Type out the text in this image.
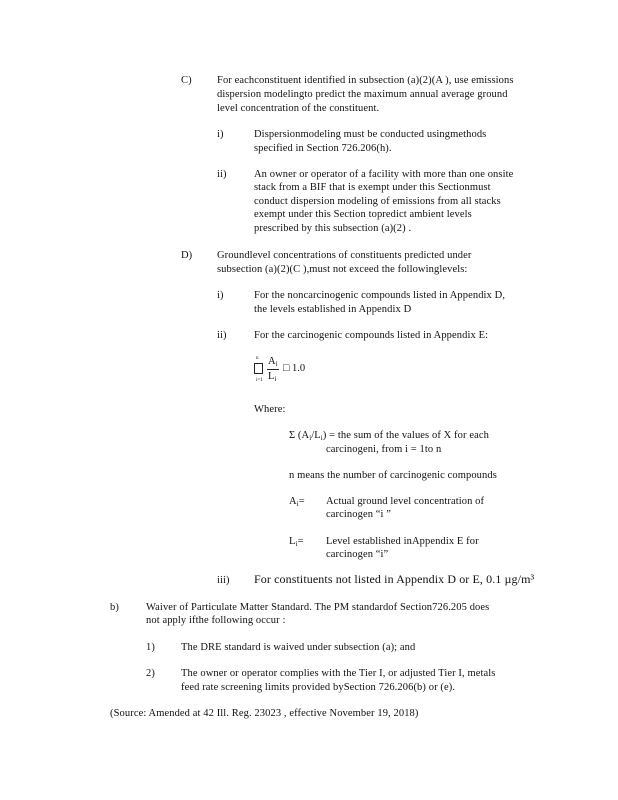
C) For eachconstituent identified in subsection (a)(2)(A ), use emissions
dispersion modelingto predict the maximum annual average ground
level concentration of the constituent.
i)	Dispersionmodeling must be conducted usingmethods
specified in Section 726.206(h).
ii)	An owner or operator of a facility with more than one onsite
stack from a BIF that is exempt under this Sectionmust
conduct dispersion modeling of emissions from all stacks
exempt under this Section topredict ambient levels
prescribed by this subsection (a)(2) .
D) Groundlevel concentrations of constituents predicted under
subsection (a)(2)(C ),must not exceed the followinglevels:
i)	For the noncarcinogenic compounds listed in Appendix D,
the levels established in Appendix D
ii)	For the carcinogenic compounds listed in Appendix E:
n
i=1
$A_i$
$L_i$
□ 1.0
Where:
Σ $(A_i/L_i)$ = the sum of the values of X for each
carcinogeni, from i = 1to n
n means the number of carcinogenic compounds
$A_i=$ Actual ground level concentration of
carcinogen “i ”
$L_i=$ Level established inAppendix E for
carcinogen “i”
iii) For constituents not listed in Appendix D or E, 0.1 µg/m³
b)	Waiver of Particulate Matter Standard. The PM standardof Section726.205 does
not apply ifthe following occur :
1) The DRE standard is waived under subsection (a); and
2) The owner or operator complies with the Tier I, or adjusted Tier I, metals
feed rate screening limits provided bySection 726.206(b) or (e).
(Source: Amended at 42 Ill. Reg. 23023 , effective November 19, 2018)
